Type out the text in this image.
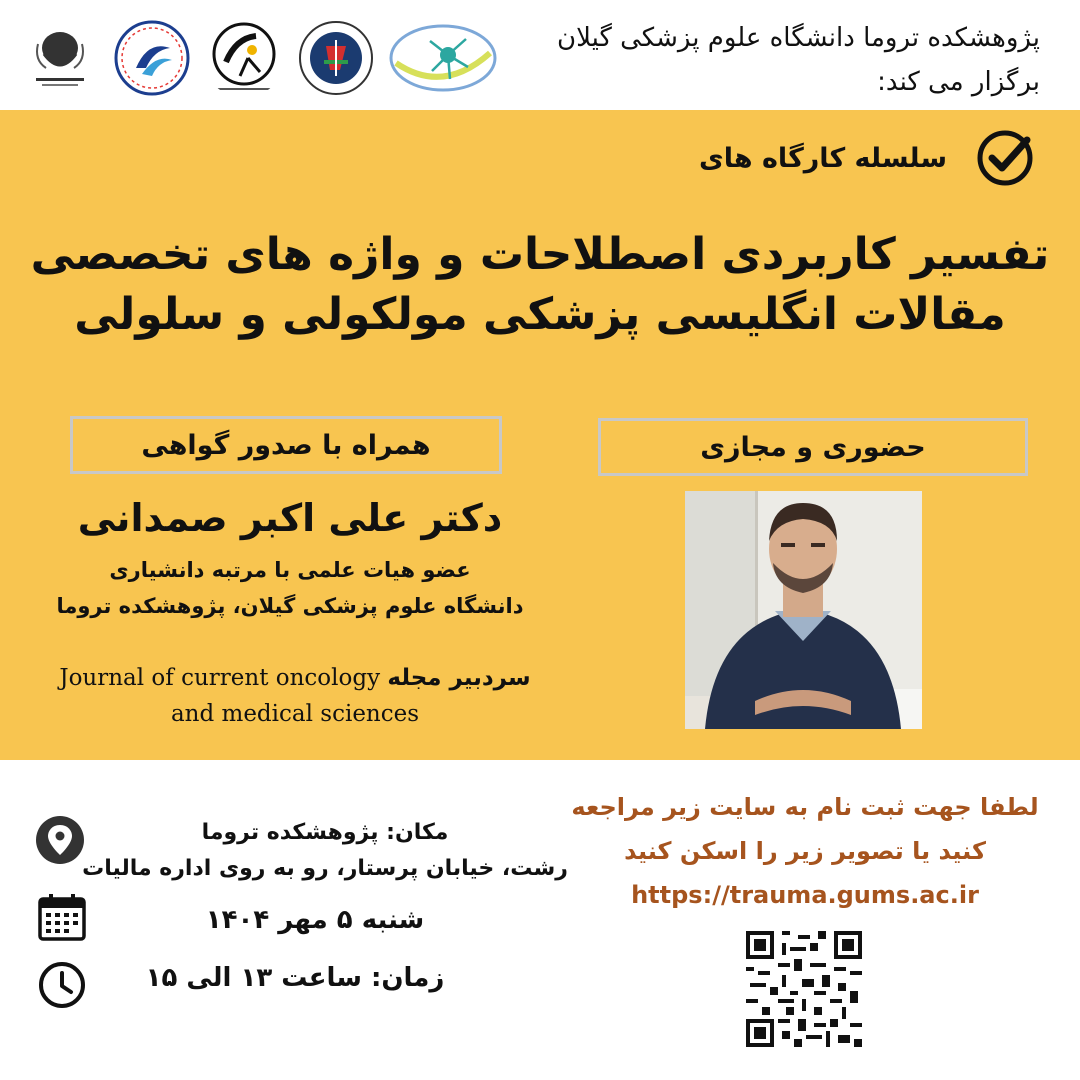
پژوهشکده تروما دانشگاه علوم پزشکی گیلان
برگزار می کند:
سلسله کارگاه های
تفسیر کاربردی اصطلاحات و واژه های تخصصی
مقالات انگلیسی پزشکی مولکولی و سلولی
همراه با صدور گواهی	حضوری و مجازی
دکتر علی اکبر صمدانی
عضو هیات علمی با مرتبه دانشیاری
دانشگاه علوم پزشکی گیلان، پژوهشکده تروما
Journal of current oncology سردبیر مجله
and medical sciences
لطفا جهت ثبت نام به سایت زیر مراجعه
کنید یا تصویر زیر را اسکن کنید
https://trauma.gums.ac.ir
مکان: پژوهشکده تروما
رشت، خیابان پرستار، رو به روی اداره مالیات
شنبه ۵ مهر ۱۴۰۴
زمان: ساعت ۱۳ الی ۱۵
